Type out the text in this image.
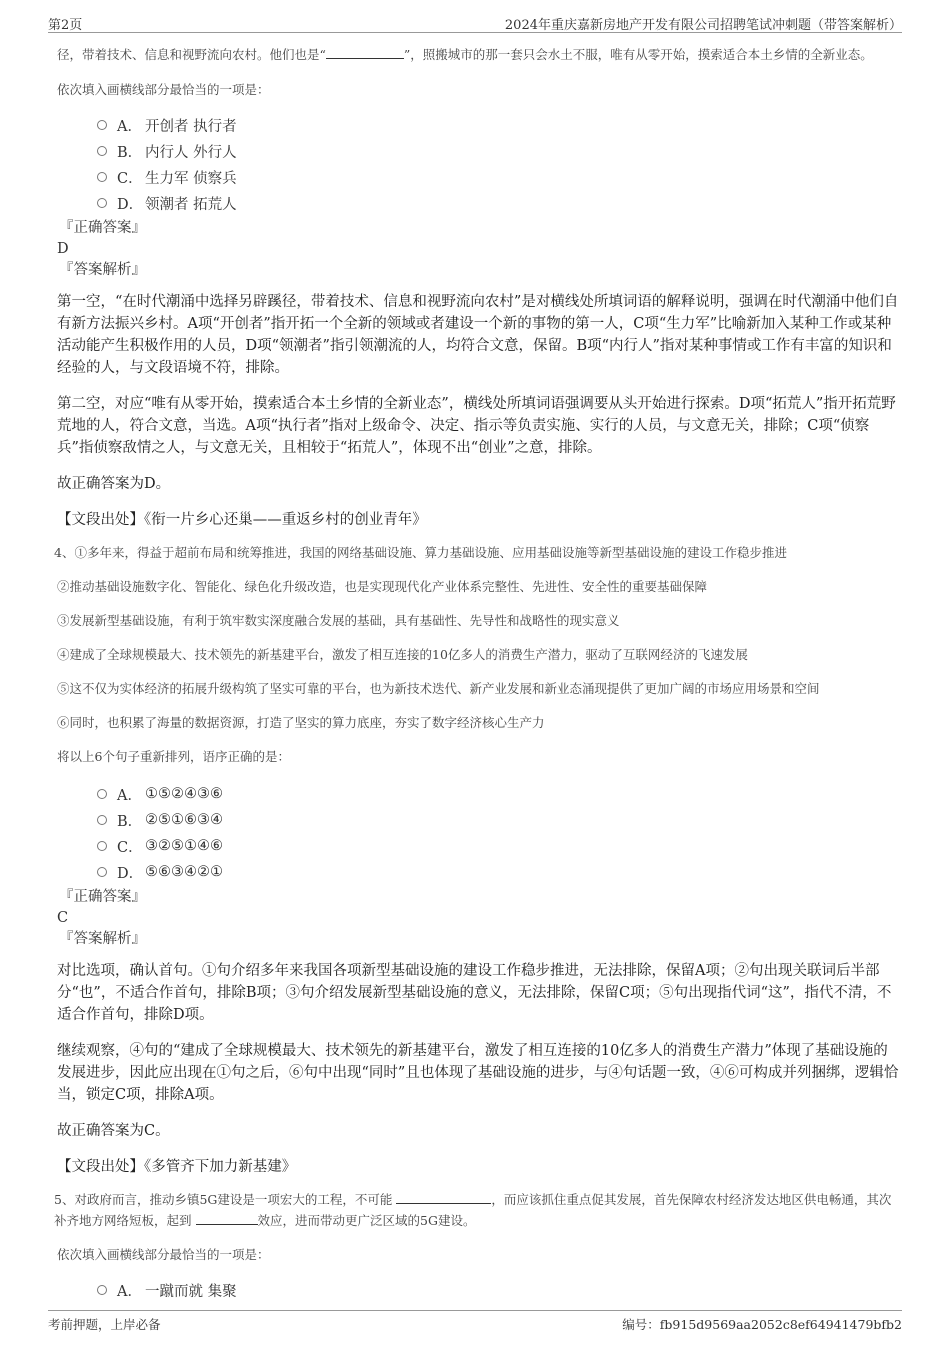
第2页	2024年重庆嘉新房地产开发有限公司招聘笔试冲刺题（带答案解析）

径，带着技术、信息和视野流向农村。他们也是“	”，照搬城市的那一套只会水土不服，唯有从零开始，摸索适合本土乡情的全新业态。

依次填入画横线部分最恰当的一项是：

A． 开创者 执行者
B． 内行人 外行人
C． 生力军 侦察兵
D． 领潮者 拓荒人

『正确答案』

D

『答案解析』

第一空，“在时代潮涌中选择另辟蹊径，带着技术、信息和视野流向农村”是对横线处所填词语的解释说明，强调在时代潮涌中他们自有新方法振兴乡村。A项“开创者”指开拓一个全新的领域或者建设一个新的事物的第一人，C项“生力军”比喻新加入某种工作或某种活动能产生积极作用的人员，D项“领潮者”指引领潮流的人，均符合文意，保留。B项“内行人”指对某种事情或工作有丰富的知识和经验的人，与文段语境不符，排除。

第二空，对应“唯有从零开始，摸索适合本土乡情的全新业态”，横线处所填词语强调要从头开始进行探索。D项“拓荒人”指开拓荒野荒地的人，符合文意，当选。A项“执行者”指对上级命令、决定、指示等负责实施、实行的人员，与文意无关，排除；C项“侦察兵”指侦察敌情之人，与文意无关，且相较于“拓荒人”，体现不出“创业”之意，排除。

故正确答案为D。

【文段出处】《衔一片乡心还巢——重返乡村的创业青年》

4、①多年来，得益于超前布局和统筹推进，我国的网络基础设施、算力基础设施、应用基础设施等新型基础设施的建设工作稳步推进

②推动基础设施数字化、智能化、绿色化升级改造，也是实现现代化产业体系完整性、先进性、安全性的重要基础保障

③发展新型基础设施，有利于筑牢数实深度融合发展的基础，具有基础性、先导性和战略性的现实意义

④建成了全球规模最大、技术领先的新基建平台，激发了相互连接的10亿多人的消费生产潜力，驱动了互联网经济的飞速发展

⑤这不仅为实体经济的拓展升级构筑了坚实可靠的平台，也为新技术迭代、新产业发展和新业态涌现提供了更加广阔的市场应用场景和空间

⑥同时，也积累了海量的数据资源，打造了坚实的算力底座，夯实了数字经济核心生产力

将以上6个句子重新排列，语序正确的是：

A． ①⑤②④③⑥
B． ②⑤①⑥③④
C． ③②⑤①④⑥
D． ⑤⑥③④②①

『正确答案』

C

『答案解析』

对比选项，确认首句。①句介绍多年来我国各项新型基础设施的建设工作稳步推进，无法排除，保留A项；②句出现关联词后半部分“也”，不适合作首句，排除B项；③句介绍发展新型基础设施的意义，无法排除，保留C项；⑤句出现指代词“这”，指代不清，不适合作首句，排除D项。

继续观察，④句的“建成了全球规模最大、技术领先的新基建平台，激发了相互连接的10亿多人的消费生产潜力”体现了基础设施的发展进步，因此应出现在①句之后，⑥句中出现“同时”且也体现了基础设施的进步，与④句话题一致，④⑥可构成并列捆绑，逻辑恰当，锁定C项，排除A项。

故正确答案为C。

【文段出处】《多管齐下加力新基建》

5、对政府而言，推动乡镇5G建设是一项宏大的工程，不可能	，而应该抓住重点促其发展，首先保障农村经济发达地区供电畅通，其次补齐地方网络短板，起到	效应，进而带动更广泛区域的5G建设。

依次填入画横线部分最恰当的一项是：

A． 一蹴而就 集聚
考前押题，上岸必备	编号：fb915d9569aa2052c8ef64941479bfb2
